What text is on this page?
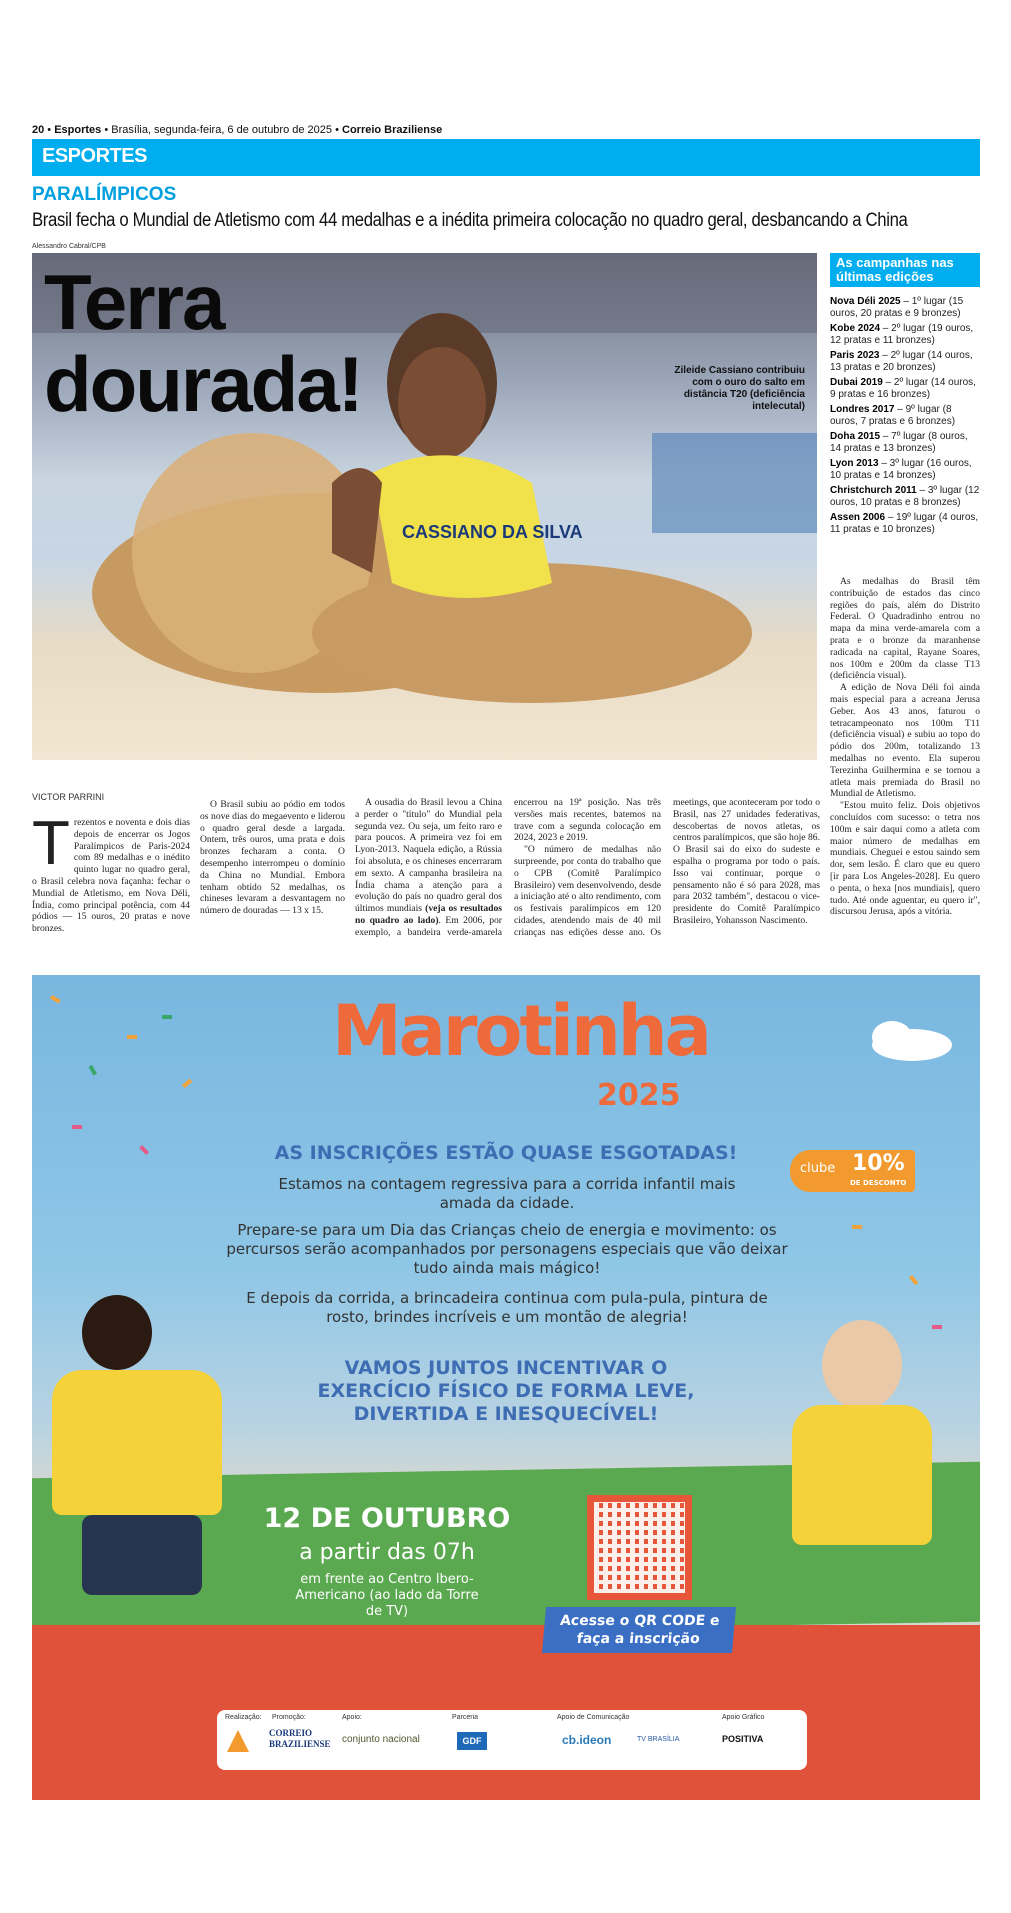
20 • Esportes • Brasília, segunda-feira, 6 de outubro de 2025 • Correio Braziliense
ESPORTES
PARALÍMPICOS
Brasil fecha o Mundial de Atletismo com 44 medalhas e a inédita primeira colocação no quadro geral, desbancando a China
Alessandro Cabral/CPB
CASSIANO DA SILVA
Terra
dourada!	Zileide Cassiano contribuiu com o ouro do salto em distância T20 (deficiência intelecutal)
As campanhas nas últimas edições
Nova Déli 2025 – 1º lugar (15 ouros, 20 pratas e 9 bronzes)
Kobe 2024 – 2º lugar (19 ouros, 12 pratas e 11 bronzes)
Paris 2023 – 2º lugar (14 ouros, 13 pratas e 20 bronzes)
Dubai 2019 – 2º lugar (14 ouros, 9 pratas e 16 bronzes)
Londres 2017 – 9º lugar (8 ouros, 7 pratas e 6 bronzes)
Doha 2015 – 7º lugar (8 ouros, 14 pratas e 13 bronzes)
Lyon 2013 – 3º lugar (16 ouros, 10 pratas e 14 bronzes)
Christchurch 2011 – 3º lugar (12 ouros, 10 pratas e 8 bronzes)
Assen 2006 – 19º lugar (4 ouros, 11 pratas e 10 bronzes)
VICTOR PARRINI
Trezentos e noventa e dois dias depois de encerrar os Jogos Paralímpicos de Paris-2024 com 89 medalhas e o inédito quinto lugar no quadro geral, o Brasil celebra nova façanha: fechar o Mundial de Atletismo, em Nova Déli, Índia, como principal potência, com 44 pódios — 15 ouros, 20 pratas e nove bronzes.

O Brasil subiu ao pódio em todos os nove dias do megaevento e liderou o quadro geral desde a largada. Ontem, três ouros, uma prata e dois bronzes fecharam a conta. O desempenho interrompeu o domínio da China no Mundial. Embora tenham obtido 52 medalhas, os chineses levaram a desvantagem no número de douradas — 13 x 15.

A ousadia do Brasil levou a China a perder o "título" do Mundial pela segunda vez. Ou seja, um feito raro e para poucos. A primeira vez foi em Lyon-2013. Naquela edição, a Rússia foi absoluta, e os chineses encerraram em sexto. A campanha brasileira na Índia chama a atenção para a evolução do país no quadro geral dos últimos mundiais (veja os resultados no quadro ao lado). Em 2006, por exemplo, a bandeira verde-amarela encerrou na 19ª posição. Nas três versões mais recentes, batemos na trave com a segunda colocação em 2024, 2023 e 2019.

"O número de medalhas não surpreende, por conta do trabalho que o CPB (Comitê Paralímpico Brasileiro) vem desenvolvendo, desde a iniciação até o alto rendimento, com os festivais paralímpicos em 120 cidades, atendendo mais de 40 mil crianças nas edições desse ano. Os meetings, que aconteceram por todo o Brasil, nas 27 unidades federativas, descobertas de novos atletas, os centros paralímpicos, que são hoje 86. O Brasil sai do eixo do sudeste e espalha o programa por todo o país. Isso vai continuar, porque o pensamento não é só para 2028, mas para 2032 também", destacou o vice-presidente do Comitê Paralímpico Brasileiro, Yohansson Nascimento.

As medalhas do Brasil têm contribuição de estados das cinco regiões do país, além do Distrito Federal. O Quadradinho entrou no mapa da mina verde-amarela com a prata e o bronze da maranhense radicada na capital, Rayane Soares, nos 100m e 200m da classe T13 (deficiência visual).

A edição de Nova Déli foi ainda mais especial para a acreana Jerusa Geber. Aos 43 anos, faturou o tetracampeonato nos 100m T11 (deficiência visual) e subiu ao topo do pódio dos 200m, totalizando 13 medalhas no evento. Ela superou Terezinha Guilhermina e se tornou a atleta mais premiada do Brasil no Mundial de Atletismo.

"Estou muito feliz. Dois objetivos concluídos com sucesso: o tetra nos 100m e sair daqui como a atleta com maior número de medalhas em mundiais. Cheguei e estou saindo sem dor, sem lesão. É claro que eu quero [ir para Los Angeles-2028]. Eu quero o penta, o hexa [nos mundiais], quero tudo. Até onde aguentar, eu quero ir", discursou Jerusa, após a vitória.

Marotinha
2025
clube 10%
DE DESCONTO
AS INSCRIÇÕES ESTÃO QUASE ESGOTADAS!
Estamos na contagem regressiva para a corrida infantil mais amada da cidade.
Prepare-se para um Dia das Crianças cheio de energia e movimento: os percursos serão acompanhados por personagens especiais que vão deixar tudo ainda mais mágico!
E depois da corrida, a brincadeira continua com pula-pula, pintura de rosto, brindes incríveis e um montão de alegria!
VAMOS JUNTOS INCENTIVAR O EXERCÍCIO FÍSICO DE FORMA LEVE, DIVERTIDA E INESQUECÍVEL!
12 DE OUTUBRO
a partir das 07h
em frente ao Centro Ibero-Americano (ao lado da Torre de TV)
Acesse o QR CODE e faça a inscrição
Realização: Promoção:	Apoio:	Parceria	Apoio de Comunicação	Apoio Gráfico
CORREIO BRAZILIENSE	conjunto nacional	GDF	cb.ideon	TV BRASÍLIA	POSITIVA
